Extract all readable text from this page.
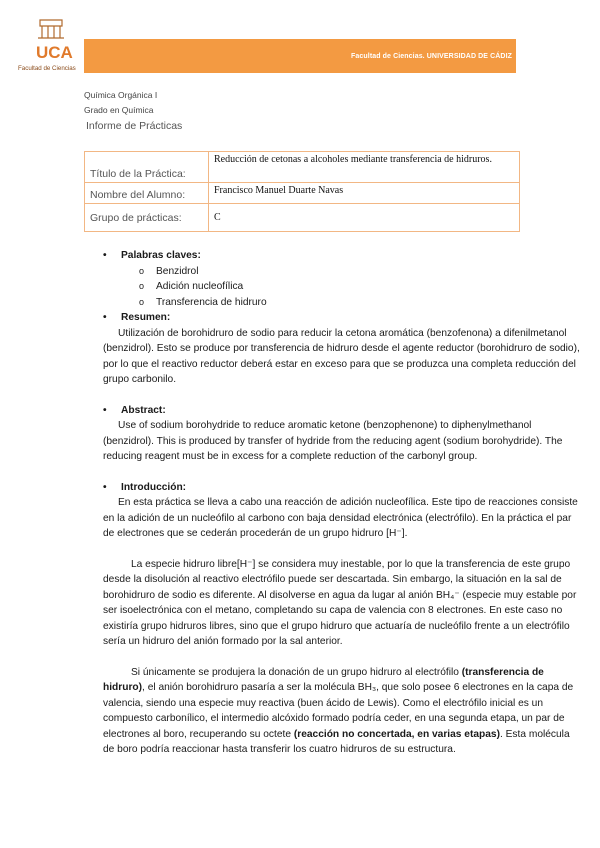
UCA
Facultad de Ciencias
Facultad de Ciencias. UNIVERSIDAD DE CÁDIZ
Química Orgánica I
Grado en Química
Informe de Prácticas
Título de la Práctica:	Reducción de cetonas a alcoholes mediante transferencia de hidruros.
Nombre del Alumno:	Francisco Manuel Duarte Navas
Grupo de prácticas:	C
• Palabras claves:
o Benzidrol
o Adición nucleofílica
o Transferencia de hidruro
• Resumen:

Utilización de borohidruro de sodio para reducir la cetona aromática (benzofenona) a difenilmetanol (benzidrol). Esto se produce por transferencia de hidruro desde el agente reductor (borohidruro de sodio), por lo que el reactivo reductor deberá estar en exceso para que se produzca una completa reducción del grupo carbonilo.

• Abstract:

Use of sodium borohydride to reduce aromatic ketone (benzophenone) to diphenylmethanol (benzidrol). This is produced by transfer of hydride from the reducing agent (sodium borohydride). The reducing reagent must be in excess for a complete reduction of the carbonyl group.

• Introducción:

En esta práctica se lleva a cabo una reacción de adición nucleofílica. Este tipo de reacciones consiste en la adición de un nucleófilo al carbono con baja densidad electrónica (electrófilo). En la práctica el par de electrones que se cederán procederán de un grupo hidruro [H⁻].

La especie hidruro libre[H⁻] se considera muy inestable, por lo que la transferencia de este grupo desde la disolución al reactivo electrófilo puede ser descartada. Sin embargo, la situación en la sal de borohidruro de sodio es diferente. Al disolverse en agua da lugar al anión BH₄⁻ (especie muy estable por ser isoelectrónica con el metano, completando su capa de valencia con 8 electrones. En este caso no existiría grupo hidruros libres, sino que el grupo hidruro que actuaría de nucleófilo frente a un electrófilo sería un hidruro del anión formado por la sal anterior.

Si únicamente se produjera la donación de un grupo hidruro al electrófilo (transferencia de hidruro), el anión borohidruro pasaría a ser la molécula BH₃, que solo posee 6 electrones en la capa de valencia, siendo una especie muy reactiva (buen ácido de Lewis). Como el electrófilo inicial es un compuesto carbonílico, el intermedio alcóxido formado podría ceder, en una segunda etapa, un par de electrones al boro, recuperando su octete (reacción no concertada, en varias etapas). Esta molécula de boro podría reaccionar hasta transferir los cuatro hidruros de su estructura.
